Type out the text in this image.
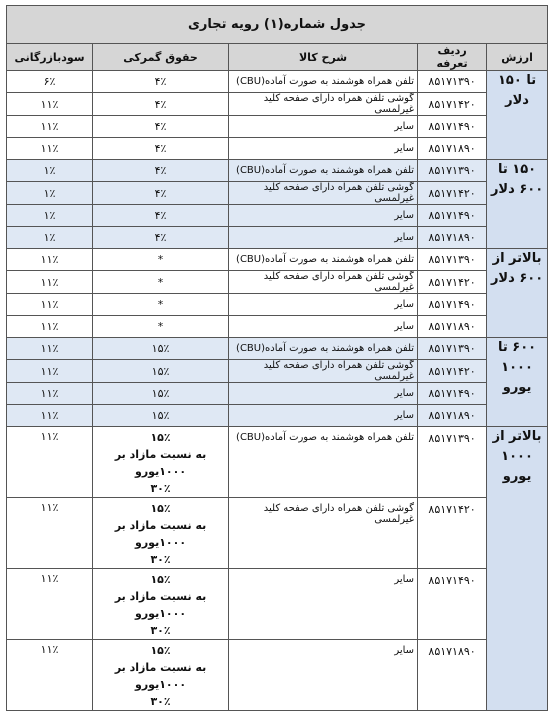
جدول شماره(۱) رویه تجاری				
ارزش	ردیف تعرفه	شرح کالا	حقوق گمرکی	سودبازرگانی
تا ۱۵۰ دلار	۸۵۱۷۱۳۹۰	تلفن همراه هوشمند به صورت آماده(CBU)	۴٪	۶٪
	۸۵۱۷۱۴۲۰	گوشی تلفن همراه دارای صفحه کلید غیرلمسی	۴٪	۱۱٪
	۸۵۱۷۱۴۹۰	سایر	۴٪	۱۱٪
	۸۵۱۷۱۸۹۰	سایر	۴٪	۱۱٪
۱۵۰ تا ۶۰۰ دلار	۸۵۱۷۱۳۹۰	تلفن همراه هوشمند به صورت آماده(CBU)	۴٪	۱٪
	۸۵۱۷۱۴۲۰	گوشی تلفن همراه دارای صفحه کلید غیرلمسی	۴٪	۱٪
	۸۵۱۷۱۴۹۰	سایر	۴٪	۱٪
	۸۵۱۷۱۸۹۰	سایر	۴٪	۱٪
بالاتر از ۶۰۰ دلار	۸۵۱۷۱۳۹۰	تلفن همراه هوشمند به صورت آماده(CBU)	*	۱۱٪
	۸۵۱۷۱۴۲۰	گوشی تلفن همراه دارای صفحه کلید غیرلمسی	*	۱۱٪
	۸۵۱۷۱۴۹۰	سایر	*	۱۱٪
	۸۵۱۷۱۸۹۰	سایر	*	۱۱٪
۶۰۰ تا ۱۰۰۰ یورو	۸۵۱۷۱۳۹۰	تلفن همراه هوشمند به صورت آماده(CBU)	۱۵٪	۱۱٪
	۸۵۱۷۱۴۲۰	گوشی تلفن همراه دارای صفحه کلید غیرلمسی	۱۵٪	۱۱٪
	۸۵۱۷۱۴۹۰	سایر	۱۵٪	۱۱٪
	۸۵۱۷۱۸۹۰	سایر	۱۵٪	۱۱٪
بالاتر از ۱۰۰۰ یورو	۸۵۱۷۱۳۹۰	تلفن همراه هوشمند به صورت آماده(CBU)	۱۵٪
به نسبت مازاد بر ۱۰۰۰یورو
۳۰٪	۱۱٪
	۸۵۱۷۱۴۲۰	گوشی تلفن همراه دارای صفحه کلید غیرلمسی	۱۵٪
به نسبت مازاد بر ۱۰۰۰یورو
۳۰٪	۱۱٪
	۸۵۱۷۱۴۹۰	سایر	۱۵٪
به نسبت مازاد بر ۱۰۰۰یورو
۳۰٪	۱۱٪
	۸۵۱۷۱۸۹۰	سایر	۱۵٪
به نسبت مازاد بر ۱۰۰۰یورو
۳۰٪	۱۱٪
